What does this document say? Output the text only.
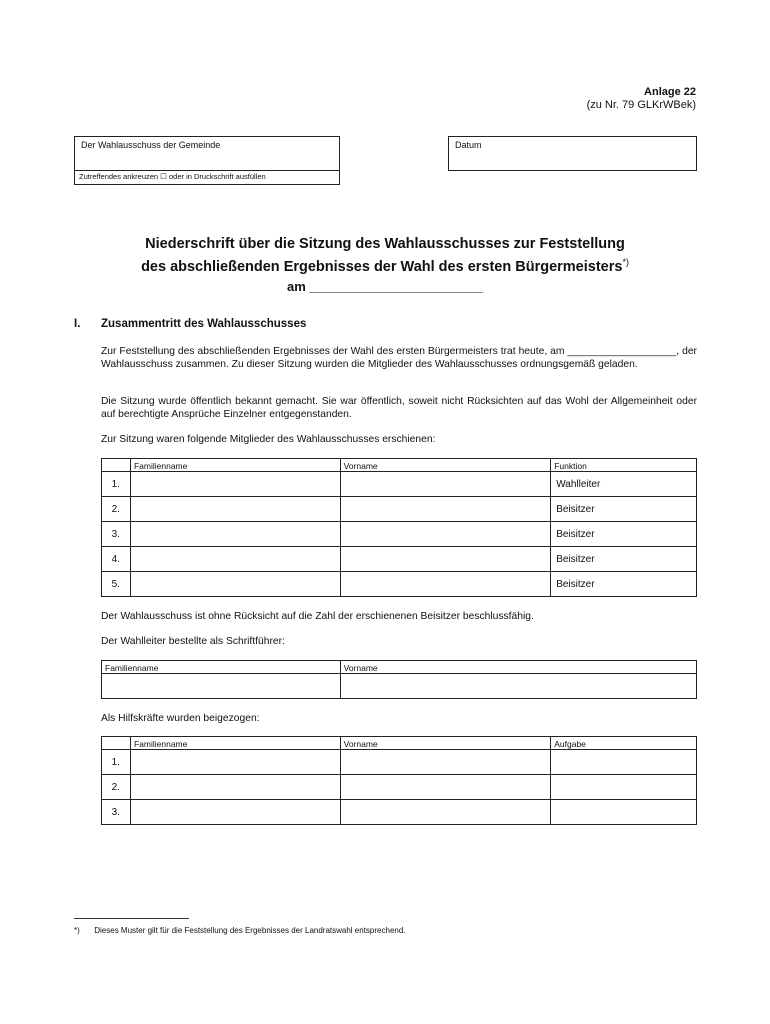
Anlage 22
(zu Nr. 79 GLKrWBek)
Der Wahlausschuss der Gemeinde
Zutreffendes ankreuzen ☐ oder in Druckschrift ausfüllen
Datum
Niederschrift über die Sitzung des Wahlausschusses zur Feststellung
des abschließenden Ergebnisses der Wahl des ersten Bürgermeisters*)
am ________________________
I. Zusammentritt des Wahlausschusses
Zur Feststellung des abschließenden Ergebnisses der Wahl des ersten Bürgermeisters trat heute, am ___________________, der Wahlausschuss zusammen. Zu dieser Sitzung wurden die Mitglieder des Wahlausschusses ordnungsgemäß geladen.
Die Sitzung wurde öffentlich bekannt gemacht. Sie war öffentlich, soweit nicht Rücksichten auf das Wohl der Allgemeinheit oder auf berechtigte Ansprüche Einzelner entgegenstanden.
Zur Sitzung waren folgende Mitglieder des Wahlausschusses erschienen:
	Familienname	Vorname	Funktion
1.			Wahlleiter
2.			Beisitzer
3.			Beisitzer
4.			Beisitzer
5.			Beisitzer
Der Wahlausschuss ist ohne Rücksicht auf die Zahl der erschienenen Beisitzer beschlussfähig.
Der Wahlleiter bestellte als Schriftführer:
Familienname	Vorname

Als Hilfskräfte wurden beigezogen:
	Familienname	Vorname	Aufgabe
1.			
2.			
3.			
*) Dieses Muster gilt für die Feststellung des Ergebnisses der Landratswahl entsprechend.
